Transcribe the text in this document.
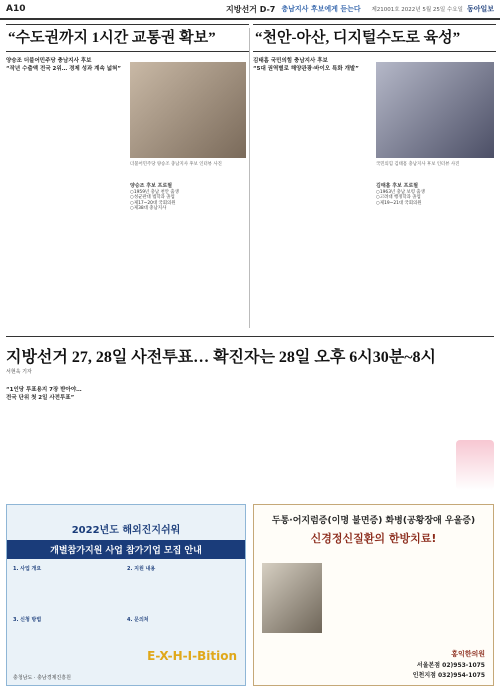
A10	지방선거 D-7 충남지사 후보에게 듣는다 제21001호 2022년 5월 25일 수요일 동아일보
“수도권까지 1시간 교통권 확보”
양승조 더불어민주당 충남지사 후보
“작년 수출액 전국 2위… 경제 성과 계속 넓혀”
더불어민주당 양승조 충남지사 후보 인터뷰 사진
양승조 후보 프로필
○1959년 충남 천안 출생
○성균관대 법학과 졸업
○제17~20대 국회의원
○제38대 충남지사
“천안-아산, 디지털수도로 육성”
김태흠 국민의힘 충남지사 후보
“5대 권역별로 해양관광·바이오 특화 개발”
국민의힘 김태흠 충남지사 후보 인터뷰 사진
김태흠 후보 프로필
○1963년 충남 보령 출생
○고려대 행정학과 졸업
○제19~21대 국회의원
지방선거 27, 28일 사전투표… 확진자는 28일 오후 6시30분~8시
서현욱 기자
“1인당 투표용지 7장 받아야… 전국 단위 첫 2일 사전투표”
2022년도 해외진지쉬워
개별참가지원 사업 참가기업 모집 안내
1. 사업 개요	2. 지원 내용
3. 신청 방법	4. 문의처
E-X-H-I-Bition
충청남도 · 충남경제진흥원
두통·어지럼증(이명 불면증) 화병(공황장애 우울증)
신경정신질환의 한방치료!
홍익한의원
서울본점 02)953-1075
인천지점 032)954-1075
